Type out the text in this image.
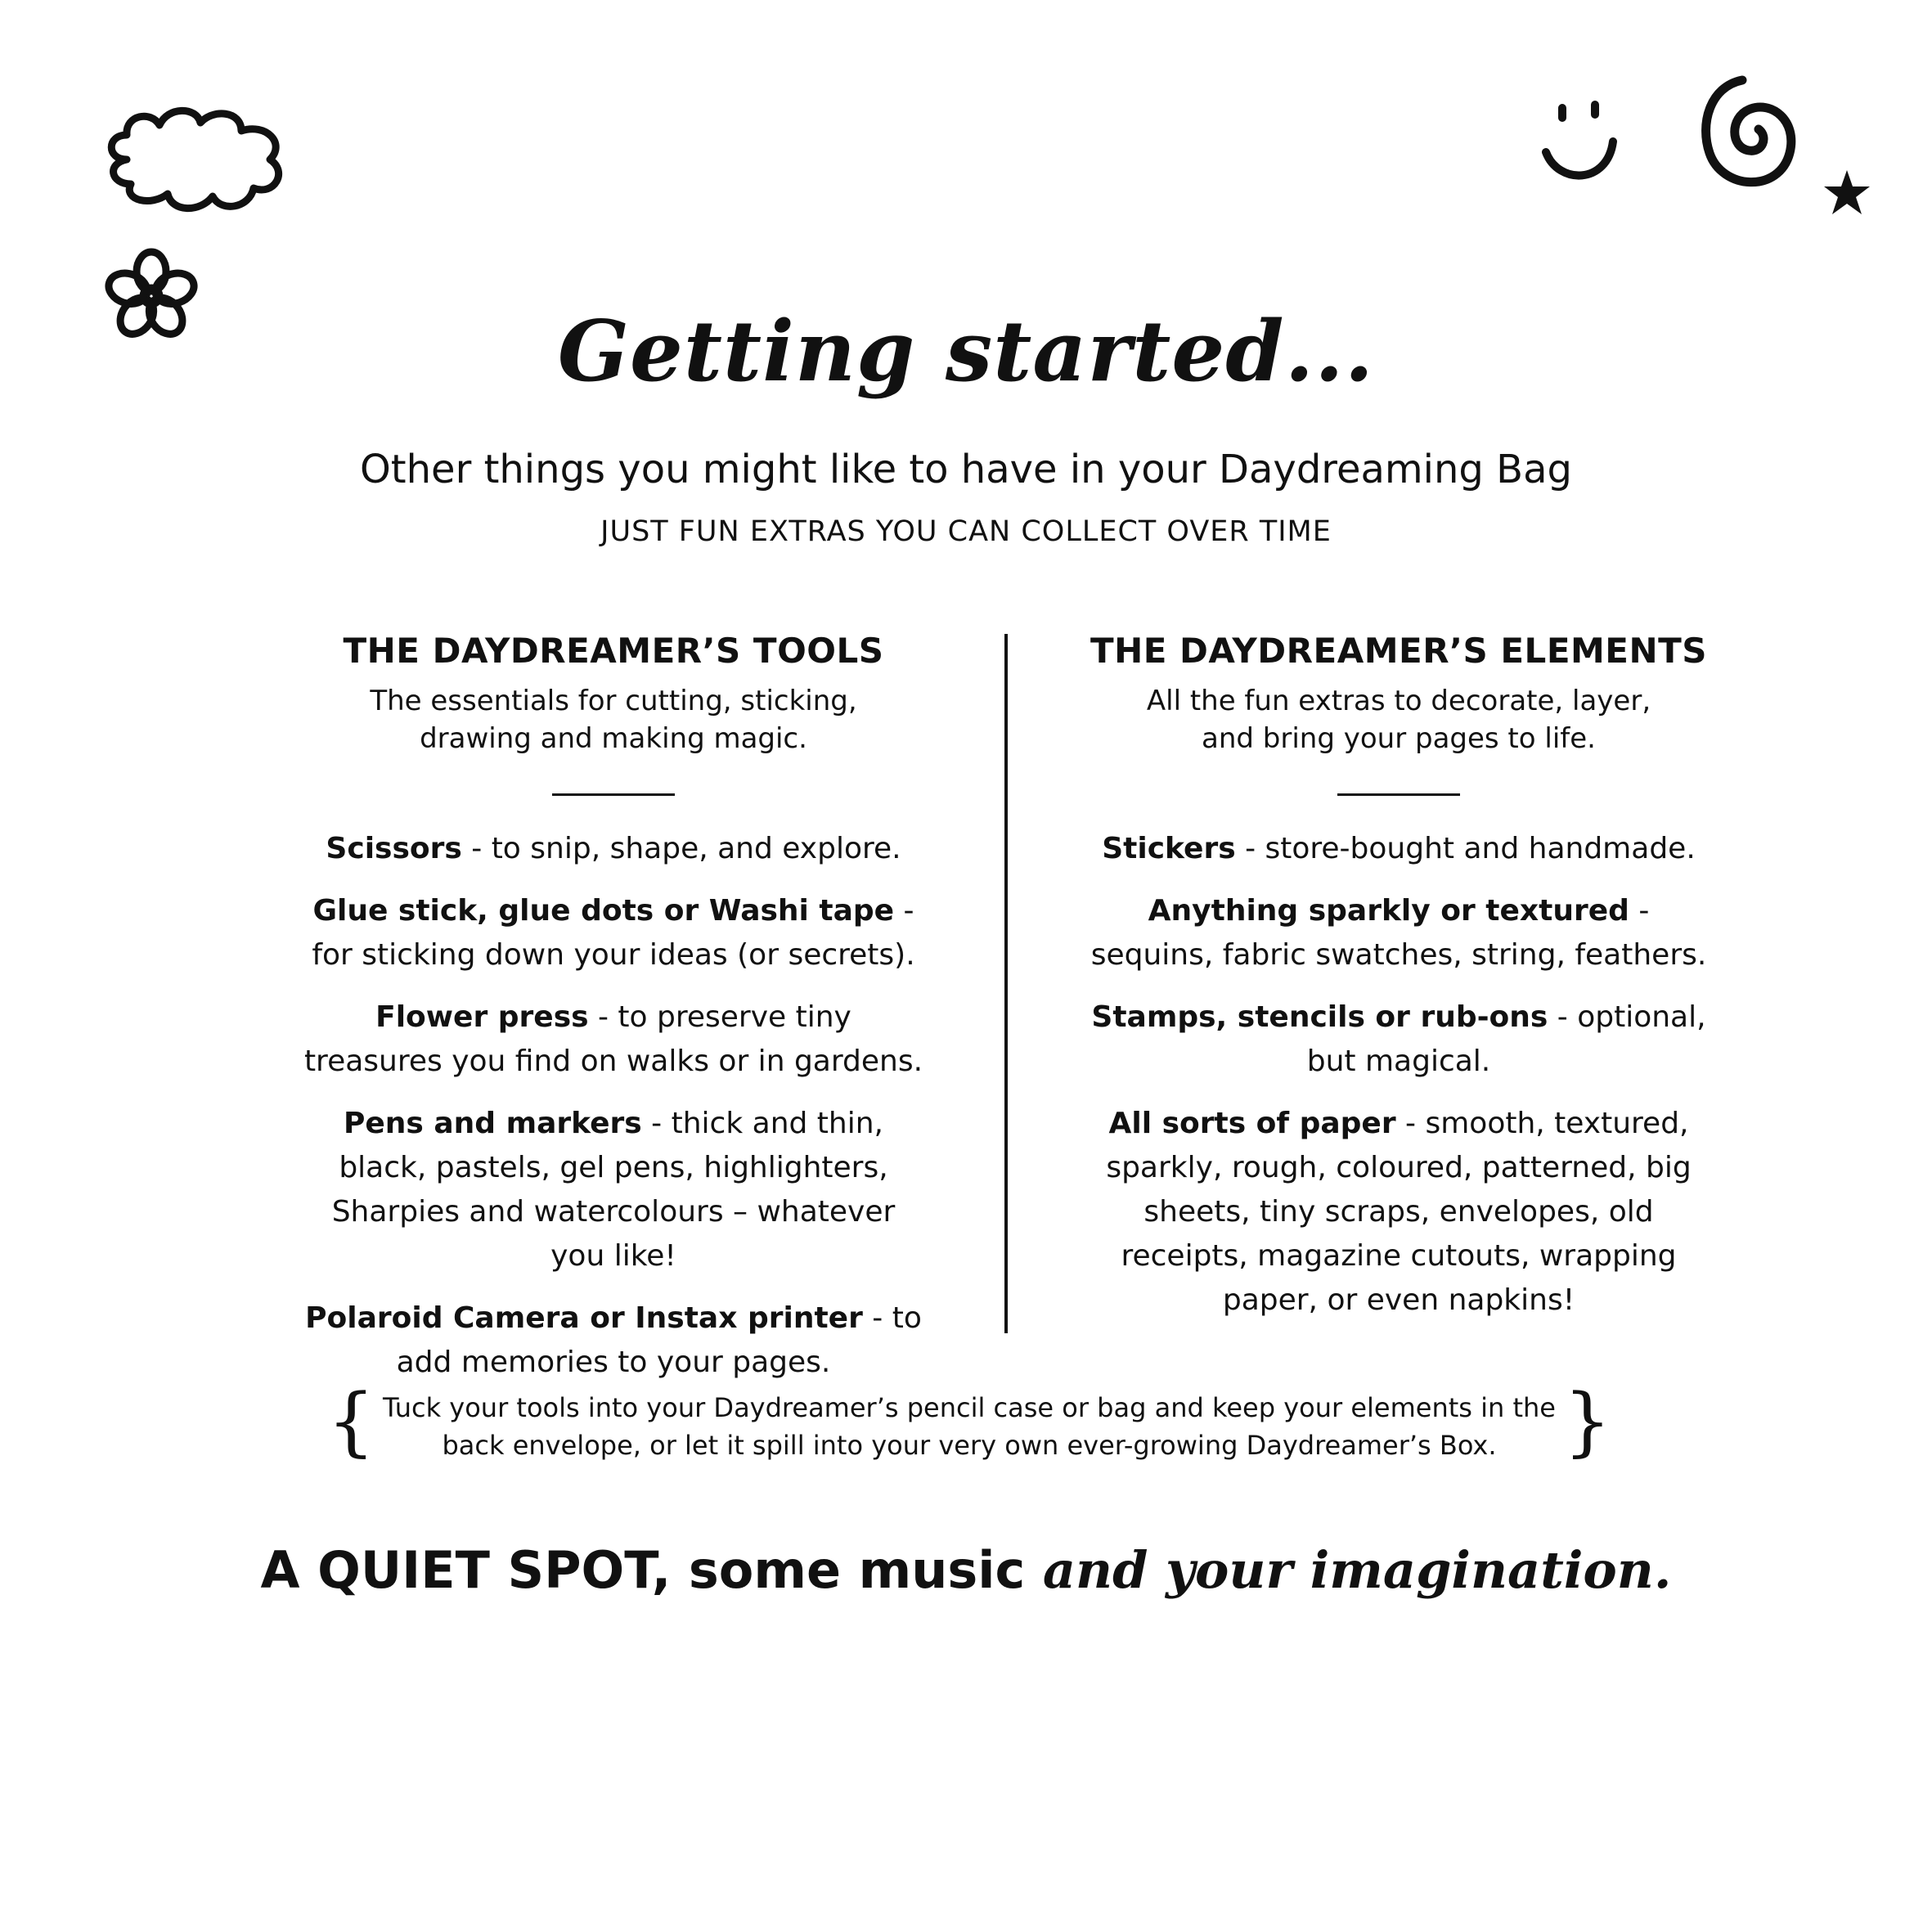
Getting started...
Other things you might like to have in your Daydreaming Bag
JUST FUN EXTRAS YOU CAN COLLECT OVER TIME
THE DAYDREAMER’S TOOLS

The essentials for cutting, sticking, drawing and making magic.

Scissors - to snip, shape, and explore.

Glue stick, glue dots or Washi tape - for sticking down your ideas (or secrets).

Flower press - to preserve tiny treasures you find on walks or in gardens.

Pens and markers - thick and thin, black, pastels, gel pens, highlighters, Sharpies and watercolours – whatever you like!

Polaroid Camera or Instax printer - to add memories to your pages.

THE DAYDREAMER’S ELEMENTS

All the fun extras to decorate, layer, and bring your pages to life.

Stickers - store-bought and handmade.

Anything sparkly or textured - sequins, fabric swatches, string, feathers.

Stamps, stencils or rub-ons - optional, but magical.

All sorts of paper - smooth, textured, sparkly, rough, coloured, patterned, big sheets, tiny scraps, envelopes, old receipts, magazine cutouts, wrapping paper, or even napkins!

{ Tuck your tools into your Daydreamer’s pencil case or bag and keep your elements in the back envelope, or let it spill into your very own ever-growing Daydreamer’s Box. }
A QUIET SPOT, some music and your imagination.
